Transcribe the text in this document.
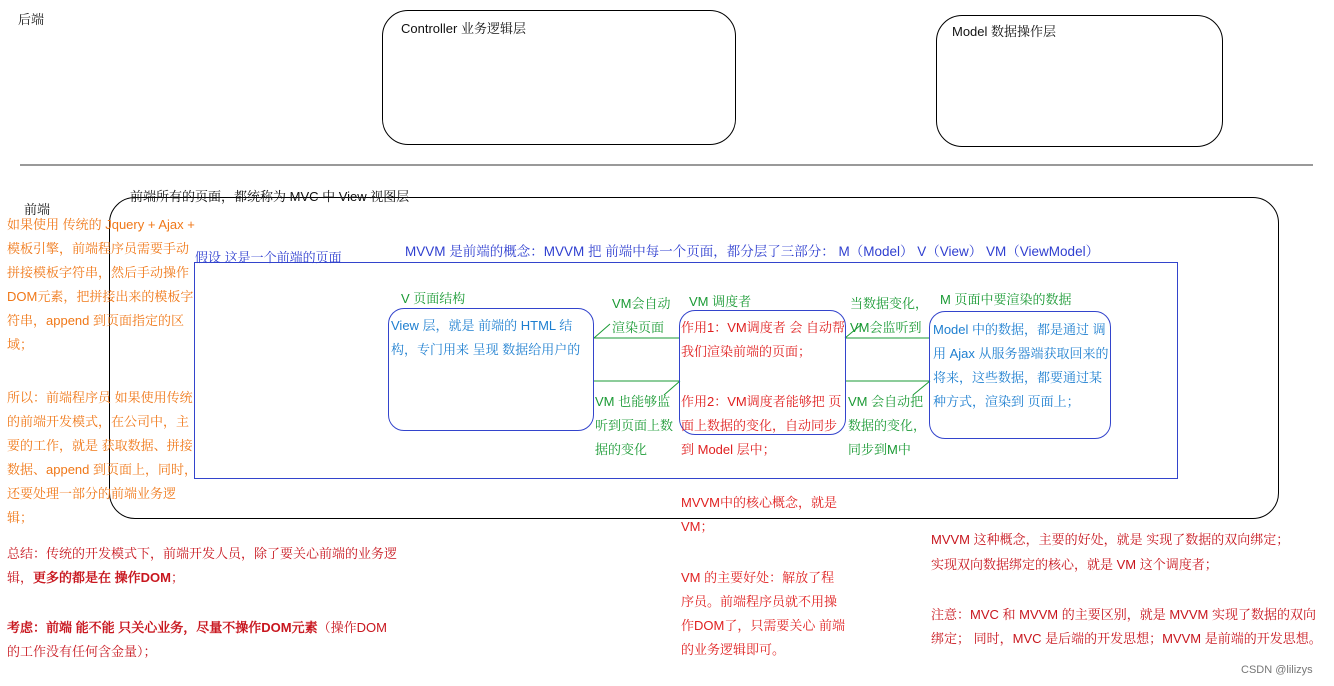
后端
Controller 业务逻辑层	Model 数据操作层
前端
前端所有的页面，都统称为 MVC 中 View 视图层
假设 这是一个前端的页面	MVVM 是前端的概念：MVVM 把 前端中每一个页面，都分层了三部分： M（Model） V（View） VM（ViewModel）
如果使用 传统的 Jquery + Ajax + 模板引擎，前端程序员需要手动拼接模板字符串，然后手动操作DOM元素，把拼接出来的模板字符串，append 到页面指定的区域；
所以：前端程序员 如果使用传统的前端开发模式，在公司中，主要的工作，就是 获取数据、拼接数据、append 到页面上，同时，还要处理一部分的前端业务逻辑；
总结：传统的开发模式下，前端开发人员，除了要关心前端的业务逻
辑，更多的都是在 操作DOM；
考虑：前端 能不能 只关心业务，尽量不操作DOM元素（操作DOM
的工作没有任何含金量）；
V 页面结构
View 层，就是 前端的 HTML 结构，专门用来 呈现 数据给用户的
VM会自动渲染页面
VM 也能够监听到页面上数据的变化
VM 调度者
作用1：VM调度者 会 自动帮我们渲染前端的页面；
作用2：VM调度者能够把 页面上数据的变化，自动同步 到 Model 层中；
当数据变化，VM会监听到
VM 会自动把数据的变化，同步到M中
M 页面中要渲染的数据
Model 中的数据，都是通过 调用 Ajax 从服务器端获取回来的将来，这些数据，都要通过某种方式，渲染到 页面上；
MVVM中的核心概念，就是 VM；
VM 的主要好处：解放了程序员。前端程序员就不用操作DOM了，只需要关心 前端的业务逻辑即可。
MVVM 这种概念，主要的好处，就是 实现了数据的双向绑定；
实现双向数据绑定的核心，就是 VM 这个调度者；
注意：MVC 和 MVVM 的主要区别，就是 MVVM 实现了数据的双向绑定； 同时，MVC 是后端的开发思想；MVVM 是前端的开发思想。
CSDN @lilizys
